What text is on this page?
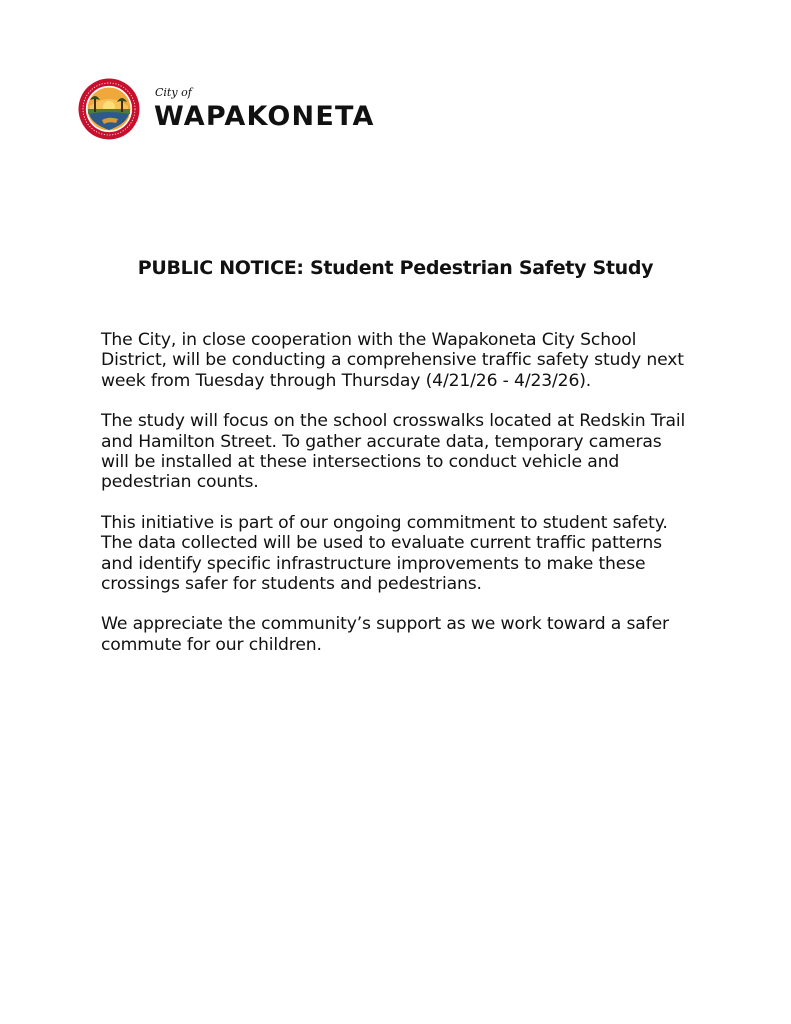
City of
WAPAKONETA
PUBLIC NOTICE: Student Pedestrian Safety Study

The City, in close cooperation with the Wapakoneta City School District, will be conducting a comprehensive traffic safety study next week from Tuesday through Thursday (4/21/26 - 4/23/26).

The study will focus on the school crosswalks located at Redskin Trail and Hamilton Street. To gather accurate data, temporary cameras will be installed at these intersections to conduct vehicle and pedestrian counts.

This initiative is part of our ongoing commitment to student safety. The data collected will be used to evaluate current traffic patterns and identify specific infrastructure improvements to make these crossings safer for students and pedestrians.

We appreciate the community’s support as we work toward a safer commute for our children.
